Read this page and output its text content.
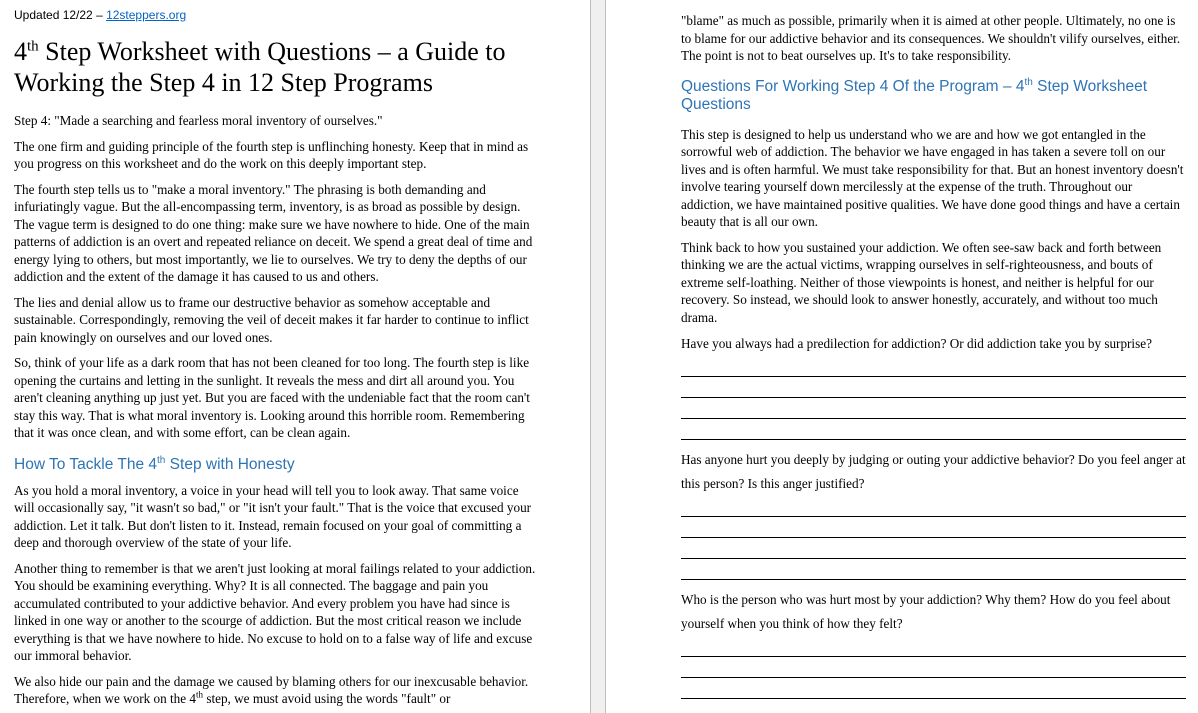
Updated 12/22 – 12steppers.org
4th Step Worksheet with Questions – a Guide to
Working the Step 4 in 12 Step Programs

Step 4: "Made a searching and fearless moral inventory of ourselves."

The one firm and guiding principle of the fourth step is unflinching honesty. Keep that in mind as you progress on this worksheet and do the work on this deeply important step.

The fourth step tells us to "make a moral inventory." The phrasing is both demanding and infuriatingly vague. But the all-encompassing term, inventory, is as broad as possible by design. The vague term is designed to do one thing: make sure we have nowhere to hide. One of the main patterns of addiction is an overt and repeated reliance on deceit. We spend a great deal of time and energy lying to others, but most importantly, we lie to ourselves. We try to deny the depths of our addiction and the extent of the damage it has caused to us and others.

The lies and denial allow us to frame our destructive behavior as somehow acceptable and sustainable. Correspondingly, removing the veil of deceit makes it far harder to continue to inflict pain knowingly on ourselves and our loved ones.

So, think of your life as a dark room that has not been cleaned for too long. The fourth step is like opening the curtains and letting in the sunlight. It reveals the mess and dirt all around you. You aren't cleaning anything up just yet. But you are faced with the undeniable fact that the room can't stay this way. That is what moral inventory is. Looking around this horrible room. Remembering that it was once clean, and with some effort, can be clean again.

How To Tackle The 4th Step with Honesty

As you hold a moral inventory, a voice in your head will tell you to look away. That same voice will occasionally say, "it wasn't so bad," or "it isn't your fault." That is the voice that excused your addiction. Let it talk. But don't listen to it. Instead, remain focused on your goal of committing a deep and thorough overview of the state of your life.

Another thing to remember is that we aren't just looking at moral failings related to your addiction. You should be examining everything. Why? It is all connected. The baggage and pain you accumulated contributed to your addictive behavior. And every problem you have had since is linked in one way or another to the scourge of addiction. But the most critical reason we include everything is that we have nowhere to hide. No excuse to hold on to a false way of life and excuse our immoral behavior.

We also hide our pain and the damage we caused by blaming others for our inexcusable behavior. Therefore, when we work on the 4th step, we must avoid using the words "fault" or

"blame" as much as possible, primarily when it is aimed at other people. Ultimately, no one is to blame for our addictive behavior and its consequences. We shouldn't vilify ourselves, either. The point is not to beat ourselves up. It's to take responsibility.

Questions For Working Step 4 Of the Program – 4th Step Worksheet Questions

This step is designed to help us understand who we are and how we got entangled in the sorrowful web of addiction. The behavior we have engaged in has taken a severe toll on our lives and is often harmful. We must take responsibility for that. But an honest inventory doesn't involve tearing yourself down mercilessly at the expense of the truth. Throughout our addiction, we have maintained positive qualities. We have done good things and have a certain beauty that is all our own.

Think back to how you sustained your addiction. We often see-saw back and forth between thinking we are the actual victims, wrapping ourselves in self-righteousness, and bouts of extreme self-loathing. Neither of those viewpoints is honest, and neither is helpful for our recovery. So instead, we should look to answer honestly, accurately, and without too much drama.

Have you always had a predilection for addiction? Or did addiction take you by surprise?
Has anyone hurt you deeply by judging or outing your addictive behavior? Do you feel anger at this person? Is this anger justified?
Who is the person who was hurt most by your addiction? Why them? How do you feel about yourself when you think of how they felt?
